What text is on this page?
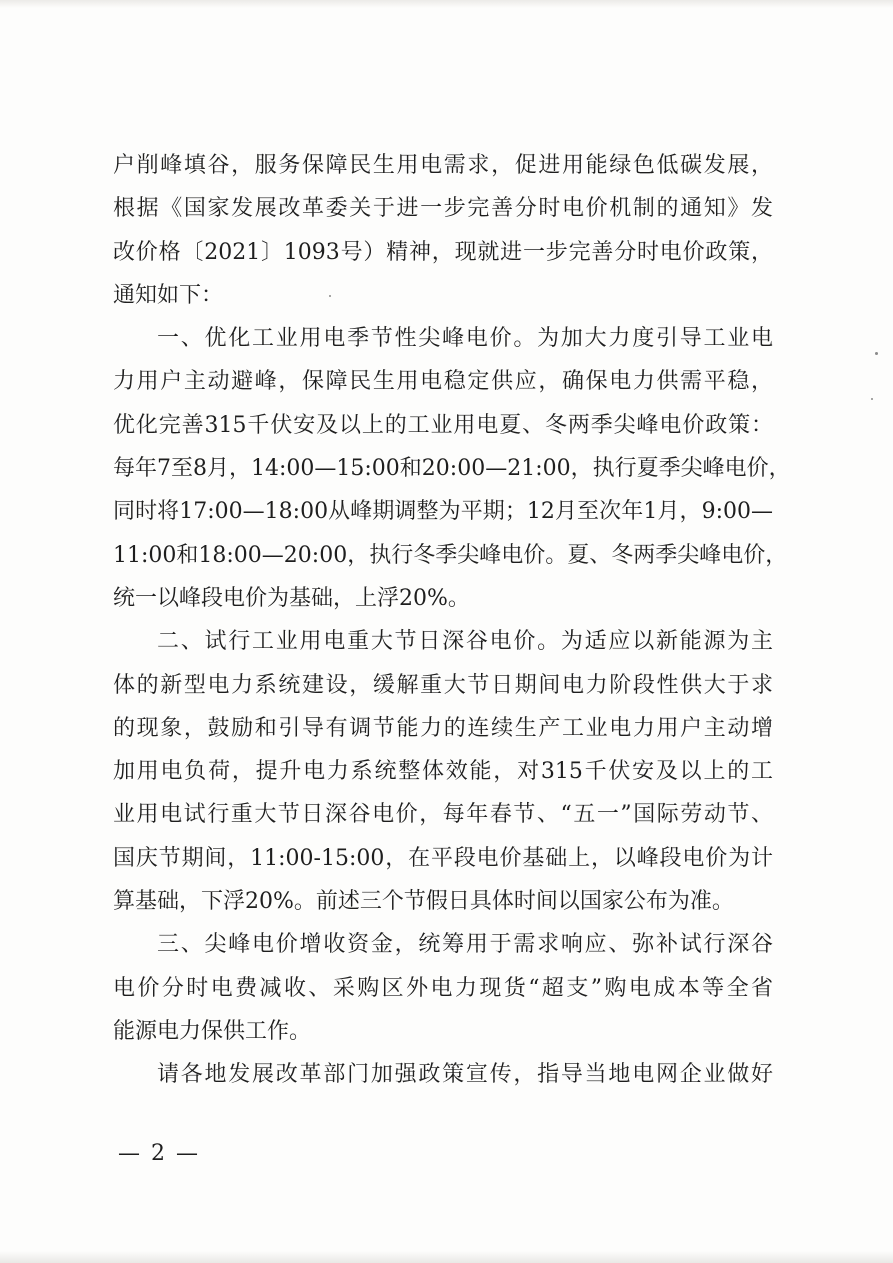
户削峰填谷，服务保障民生用电需求，促进用能绿色低碳发展，
根据《国家发展改革委关于进一步完善分时电价机制的通知》发
改价格〔2021〕1093号）精神，现就进一步完善分时电价政策，
通知如下：
一、优化工业用电季节性尖峰电价。为加大力度引导工业电
力用户主动避峰，保障民生用电稳定供应，确保电力供需平稳，
优化完善315千伏安及以上的工业用电夏、冬两季尖峰电价政策：
每年7至8月，14:00—15:00和20:00—21:00，执行夏季尖峰电价，
同时将17:00—18:00从峰期调整为平期；12月至次年1月，9:00—
11:00和18:00—20:00，执行冬季尖峰电价。夏、冬两季尖峰电价，
统一以峰段电价为基础，上浮20%。
二、试行工业用电重大节日深谷电价。为适应以新能源为主
体的新型电力系统建设，缓解重大节日期间电力阶段性供大于求
的现象，鼓励和引导有调节能力的连续生产工业电力用户主动增
加用电负荷，提升电力系统整体效能，对315千伏安及以上的工
业用电试行重大节日深谷电价，每年春节、“五一”国际劳动节、
国庆节期间，11:00-15:00，在平段电价基础上，以峰段电价为计
算基础，下浮20%。前述三个节假日具体时间以国家公布为准。
三、尖峰电价增收资金，统筹用于需求响应、弥补试行深谷
电价分时电费减收、采购区外电力现货“超支”购电成本等全省
能源电力保供工作。
请各地发展改革部门加强政策宣传，指导当地电网企业做好
— 2 —
